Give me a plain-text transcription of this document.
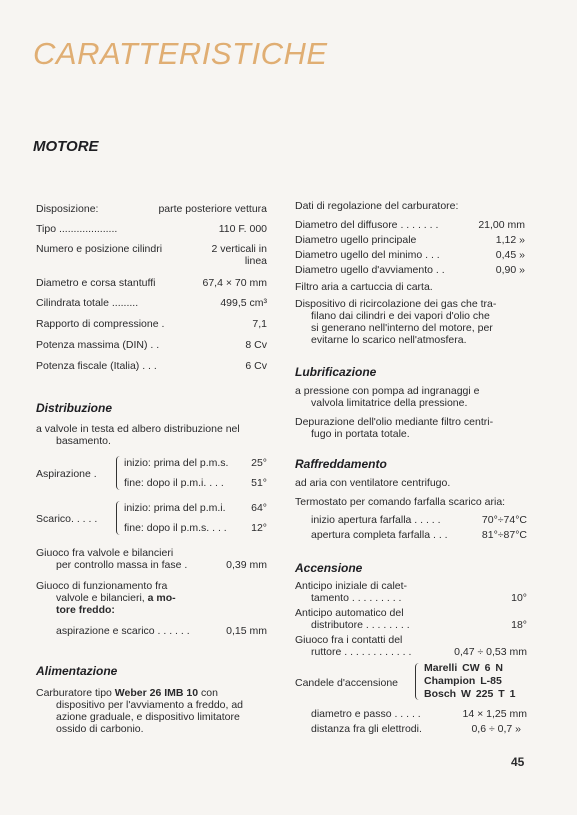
CARATTERISTICHE
MOTORE
Disposizione:	parte posteriore vettura
Tipo ....................	110 F. 000
Numero e posizione cilindri	2 verticali in
linea
Diametro e corsa stantuffi	67,4 × 70 mm
Cilindrata totale .........	499,5 cm³
Rapporto di compressione .	7,1
Potenza massima (DIN) . .	8 Cv
Potenza fiscale (Italia) . . .	6 Cv
Distribuzione
a valvole in testa ed albero distribuzione nel
basamento.
Aspirazione .
inizio: prima del p.m.s. 25°
fine: dopo il p.m.i. . . .	51°
Scarico. . . . .
inizio: prima del p.m.i. 64°
fine: dopo il p.m.s. . . . 12°
Giuoco fra valvole e bilancieri
per controllo massa in fase .	0,39 mm
Giuoco di funzionamento fra
valvole e bilancieri, a mo-
tore freddo:
aspirazione e scarico . . . . . .	0,15 mm
Alimentazione
Carburatore tipo Weber 26 IMB 10 con
dispositivo per l'avviamento a freddo, ad
azione graduale, e dispositivo limitatore
ossido di carbonio.
Dati di regolazione del carburatore:
Diametro del diffusore . . . . . . .	21,00 mm
Diametro ugello principale	1,12 »
Diametro ugello del minimo . . .	0,45 »
Diametro ugello d'avviamento . .	0,90 »
Filtro aria a cartuccia di carta.
Dispositivo di ricircolazione dei gas che tra-
filano dai cilindri e dei vapori d'olio che
si generano nell'interno del motore, per
evitarne lo scarico nell'atmosfera.
Lubrificazione
a pressione con pompa ad ingranaggi e
valvola limitatrice della pressione.
Depurazione dell'olio mediante filtro centri-
fugo in portata totale.
Raffreddamento
ad aria con ventilatore centrifugo.
Termostato per comando farfalla scarico aria:
inizio apertura farfalla . . . . .	70°÷74°C
apertura completa farfalla . . .	81°÷87°C
Accensione
Anticipo iniziale di calet-
tamento . . . . . . . . .	10°
Anticipo automatico del
distributore . . . . . . . .	18°
Giuoco fra i contatti del
ruttore . . . . . . . . . . . .	0,47 ÷ 0,53 mm
Candele d'accensione
Marelli CW 6 N
Champion L-85
Bosch W 225 T 1
diametro e passo . . . . .	14 × 1,25 mm
distanza fra gli elettrodi.	0,6 ÷ 0,7 »
45
